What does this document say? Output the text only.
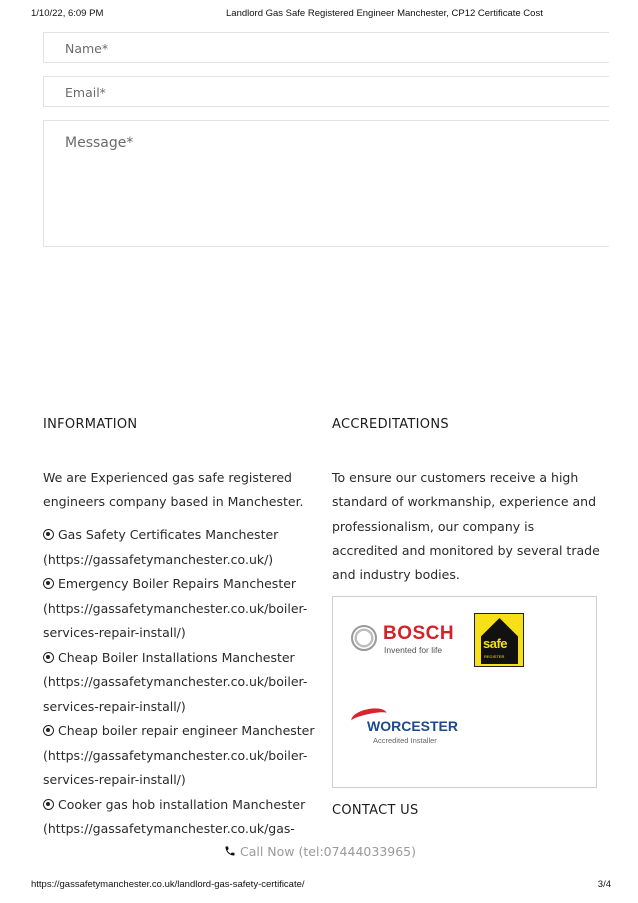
1/10/22, 6:09 PM	Landlord Gas Safe Registered Engineer Manchester, CP12 Certificate Cost
Name*
Email*
Message*
INFORMATION
We are Experienced gas safe registered engineers company based in Manchester.
Gas Safety Certificates Manchester (https://gassafetymanchester.co.uk/)
Emergency Boiler Repairs Manchester (https://gassafetymanchester.co.uk/boiler-services-repair-install/)
Cheap Boiler Installations Manchester (https://gassafetymanchester.co.uk/boiler-services-repair-install/)
Cheap boiler repair engineer Manchester (https://gassafetymanchester.co.uk/boiler-services-repair-install/)
Cooker gas hob installation Manchester (https://gassafetymanchester.co.uk/gas-
ACCREDITATIONS
To ensure our customers receive a high standard of workmanship, experience and professionalism, our company is accredited and monitored by several trade and industry bodies.
BOSCH
Invented for life	safe
REGISTER
WORCESTER
Accredited Installer
CONTACT US
Call Now (tel:07444033965)
https://gassafetymanchester.co.uk/landlord-gas-safety-certificate/	3/4
